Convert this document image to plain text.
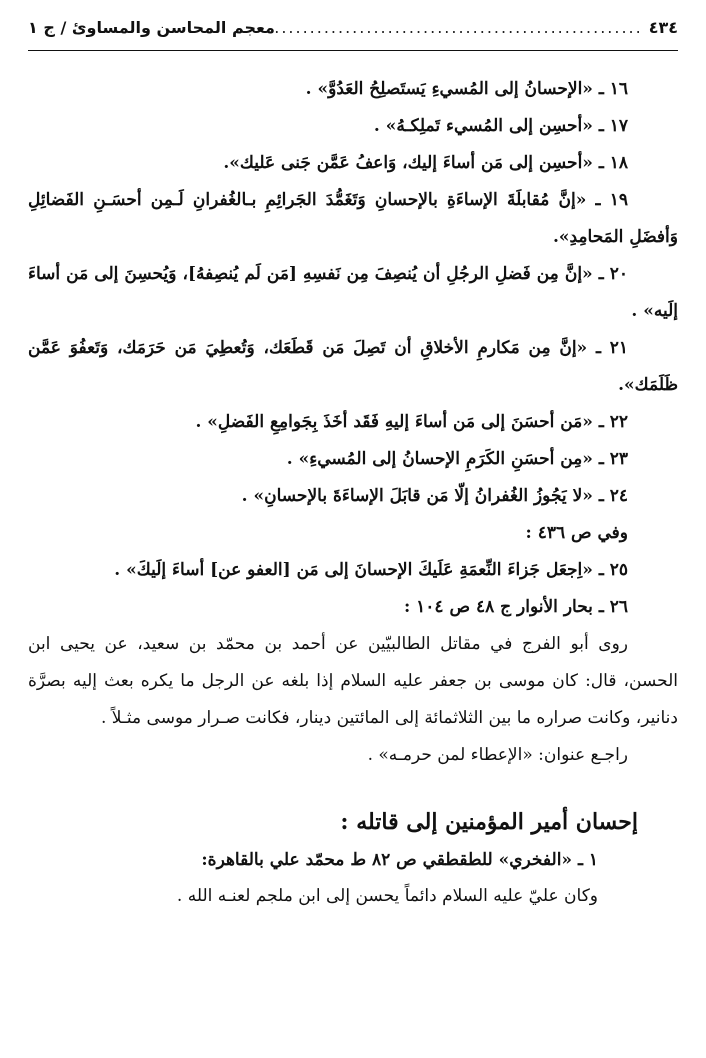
٤٣٤
.....
معجم المحاسن والمساوئ / ج ١

١٦ ـ «الإحسانُ إلى المُسيءِ يَستَصلِحُ العَدُوَّ» .

١٧ ـ «أحسِن إلى المُسيء تَملِكـهُ» .

١٨ ـ «أحسِن إلى مَن أساءَ إليك، وَاعفُ عَمَّن جَنى عَليك».

١٩ ـ «إنَّ مُقابلَةَ الإساءَةِ بالإحسانِ وَتَغَمُّدَ الجَرائِمِ بـالغُفرانِ لَـمِن أحسَـنِ الفَضائِلِ وَأفضَلِ المَحامِدِ».

٢٠ ـ «إنَّ مِن فَضلِ الرجُلِ أن يُنصِفَ مِن نَفسِهِ [مَن لَم يُنصِفهُ]، وَيُحسِنَ إلى مَن أساءَ إلَيه» .

٢١ ـ «إنَّ مِن مَكارمِ الأخلاقِ أن تَصِلَ مَن قَطَعَك، وَتُعطِيَ مَن حَرَمَك، وَتَعفُوَ عَمَّن ظَلَمَك».

٢٢ ـ «مَن أحسَنَ إلى مَن أساءَ إليهِ فَقَد أخَذَ بِجَوامِعِ الفَضلِ» .

٢٣ ـ «مِن أحسَنِ الكَرَمِ الإحسانُ إلى المُسيءِ» .

٢٤ ـ «لا يَجُوزُ الغُفرانُ إلّا مَن قابَلَ الإساءَةَ بالإحسانِ» .

وفي ص ٤٣٦ :

٢٥ ـ «اِجعَل جَزاءَ النِّعمَةِ عَلَيكَ الإحسانَ إلى مَن [العفو عن] أساءَ إلَيكَ» .

٢٦ ـ بحار الأنوار ج ٤٨ ص ١٠٤ :

روى أبو الفرج في مقاتل الطالبيّين عن أحمد بن محمّد بن سعيد، عن يحيى ابن الحسن، قال: كان موسى بن جعفر عليه السلام إذا بلغه عن الرجل ما يكره بعث إليه بصرَّة دنانير، وكانت صراره ما بين الثلاثمائة إلى المائتين دينار، فكانت صـرار موسى مثـلاً .

راجـع عنوان: «الإعطاء لمن حرمـه» .

إحسان أمير المؤمنين إلى قاتله :

١ ـ «الفخري» للطقطقي ص ٨٢ ط محمّد علي بالقاهرة:

وكان عليّ عليه السلام دائماً يحسن إلى ابن ملجم لعنـه الله .
